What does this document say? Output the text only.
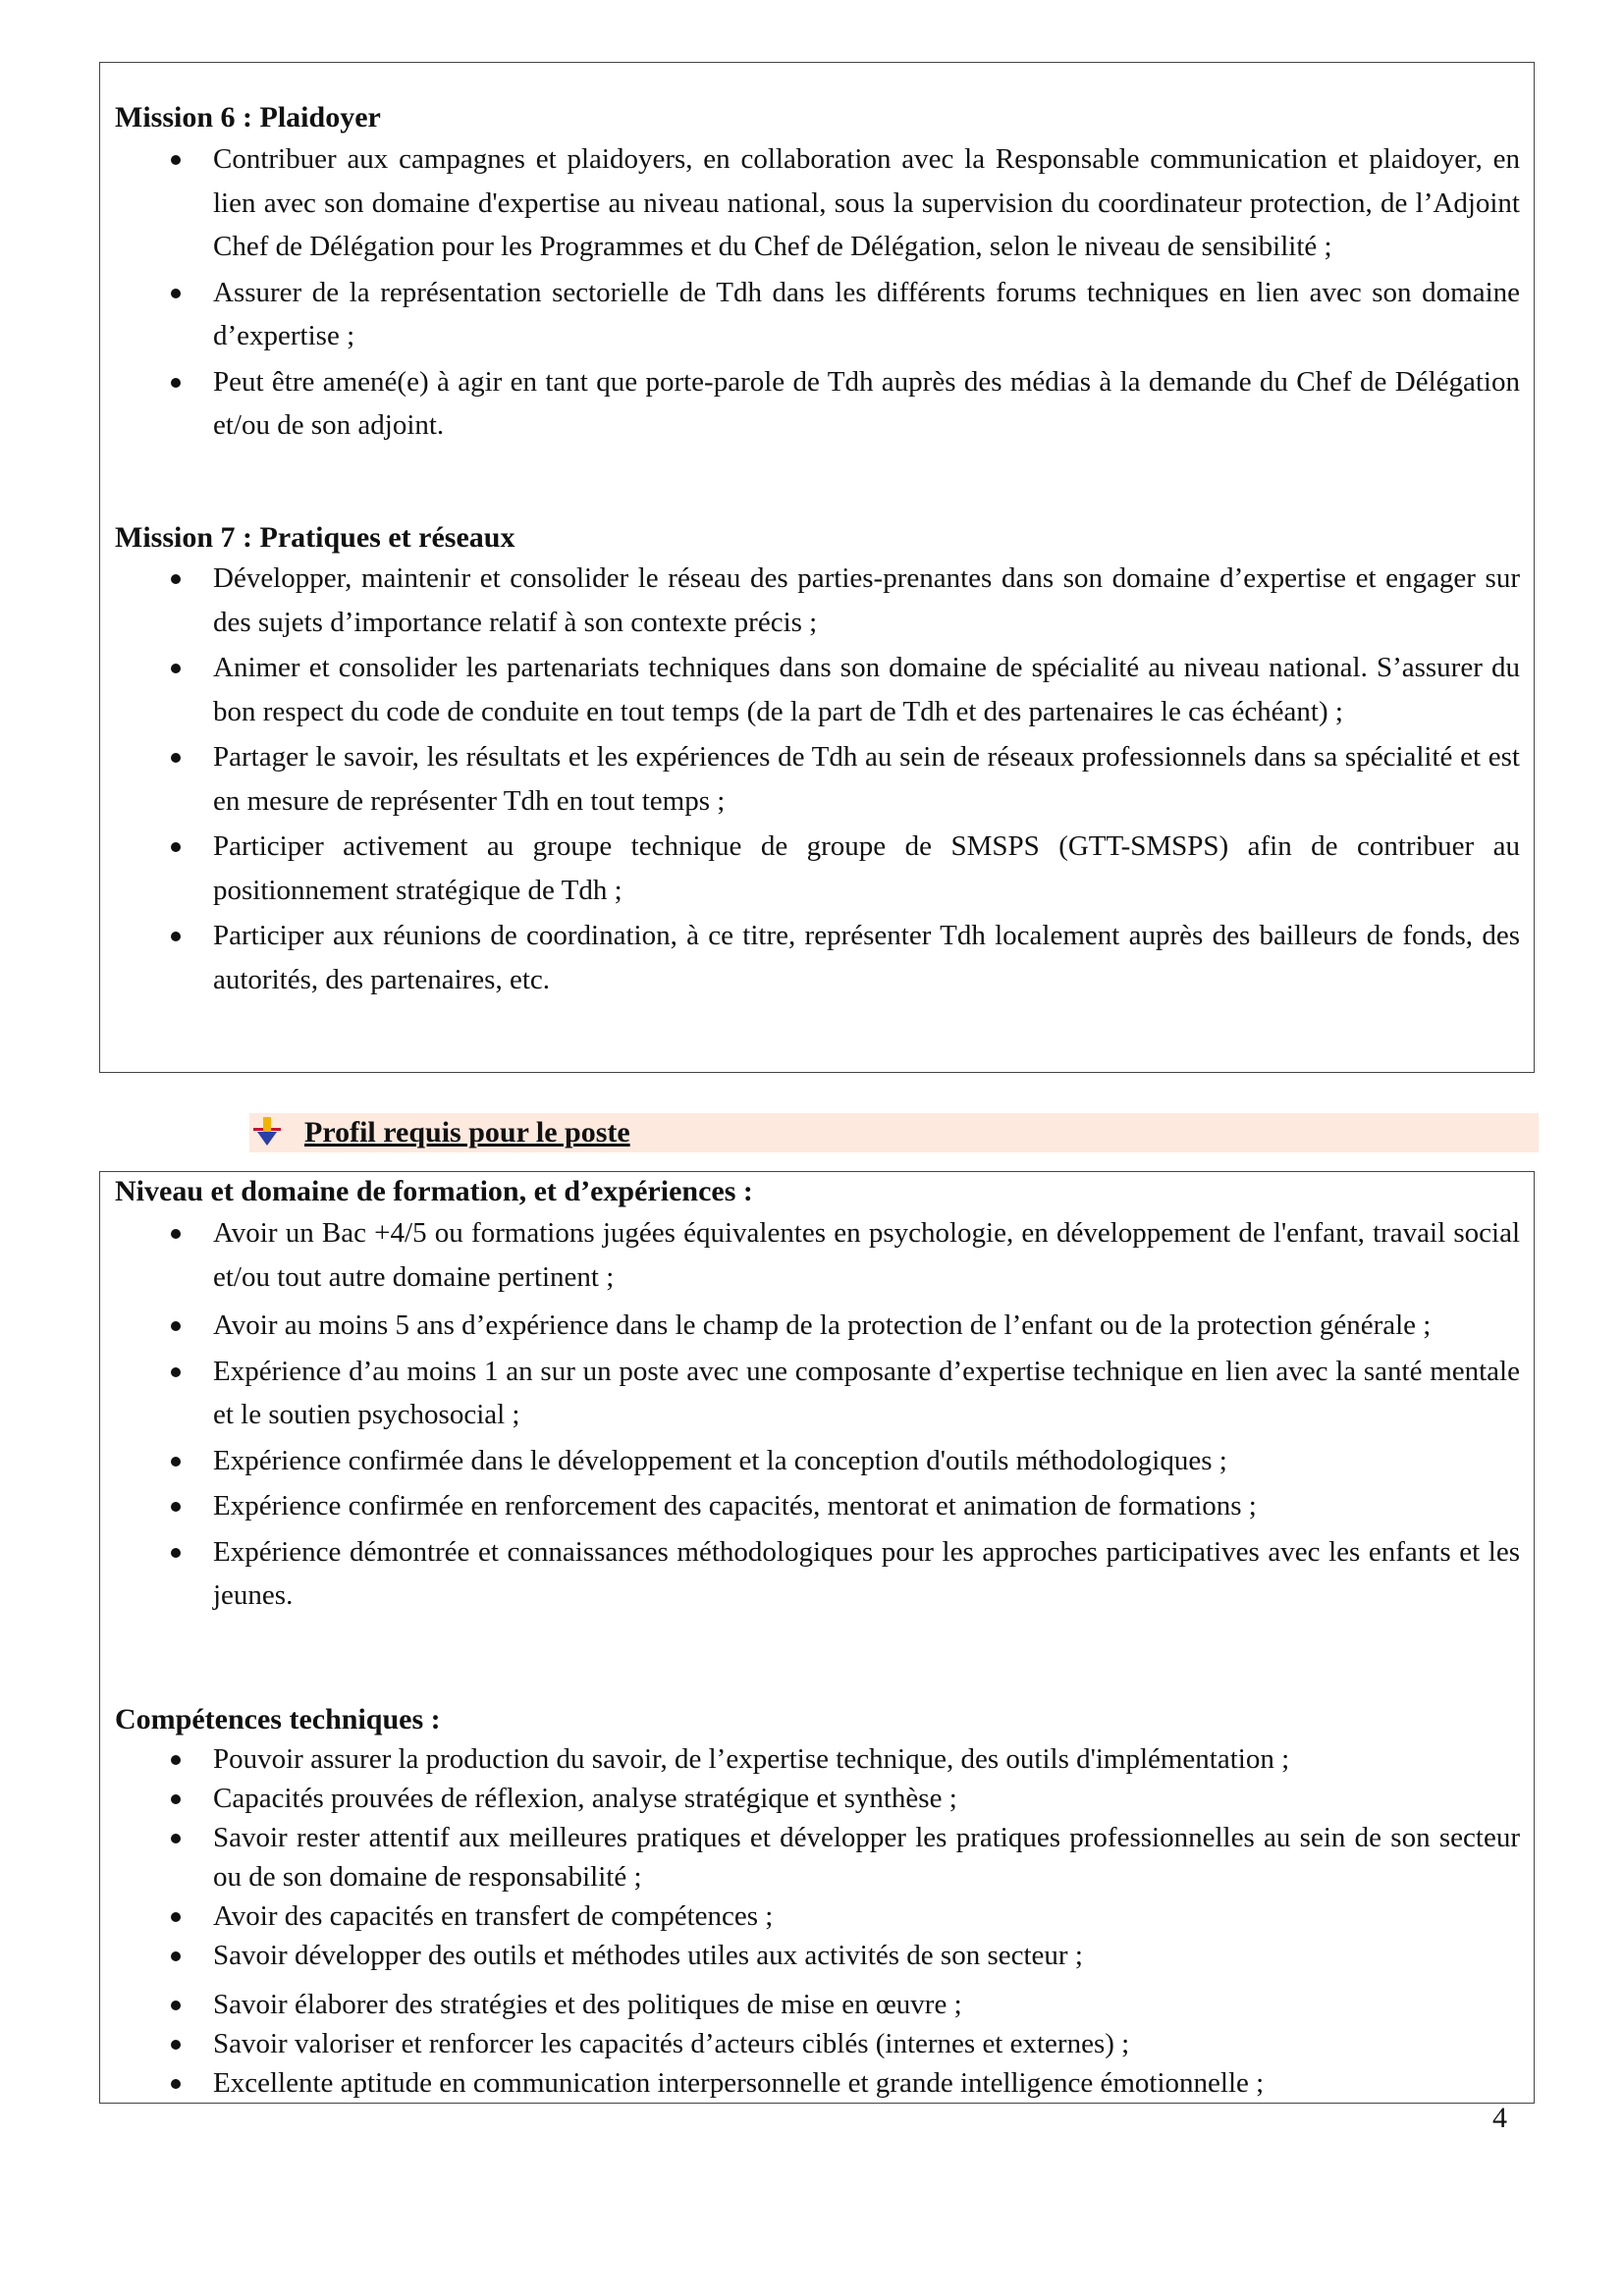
Mission 6 : Plaidoyer
Contribuer aux campagnes et plaidoyers, en collaboration avec la Responsable communication et plaidoyer, en lien avec son domaine d'expertise au niveau national, sous la supervision du coordinateur protection, de l’Adjoint Chef de Délégation pour les Programmes et du Chef de Délégation, selon le niveau de sensibilité ;
Assurer de la représentation sectorielle de Tdh dans les différents forums techniques en lien avec son domaine d’expertise ;
Peut être amené(e) à agir en tant que porte-parole de Tdh auprès des médias à la demande du Chef de Délégation et/ou de son adjoint.
Mission 7 : Pratiques et réseaux
Développer, maintenir et consolider le réseau des parties-prenantes dans son domaine d’expertise et engager sur des sujets d’importance relatif à son contexte précis ;
Animer et consolider les partenariats techniques dans son domaine de spécialité au niveau national. S’assurer du bon respect du code de conduite en tout temps (de la part de Tdh et des partenaires le cas échéant) ;
Partager le savoir, les résultats et les expériences de Tdh au sein de réseaux professionnels dans sa spécialité et est en mesure de représenter Tdh en tout temps ;
Participer activement au groupe technique de groupe de SMSPS (GTT-SMSPS) afin de contribuer au positionnement stratégique de Tdh ;
Participer aux réunions de coordination, à ce titre, représenter Tdh localement auprès des bailleurs de fonds, des autorités, des partenaires, etc.
Profil requis pour le poste
Niveau et domaine de formation, et d’expériences :
Avoir un Bac +4/5 ou formations jugées équivalentes en psychologie, en développement de l'enfant, travail social et/ou tout autre domaine pertinent ;
Avoir au moins 5 ans d’expérience dans le champ de la protection de l’enfant ou de la protection générale ;
Expérience d’au moins 1 an sur un poste avec une composante d’expertise technique en lien avec la santé mentale et le soutien psychosocial ;
Expérience confirmée dans le développement et la conception d'outils méthodologiques ;
Expérience confirmée en renforcement des capacités, mentorat et animation de formations ;
Expérience démontrée et connaissances méthodologiques pour les approches participatives avec les enfants et les jeunes.
Compétences techniques :
Pouvoir assurer la production du savoir, de l’expertise technique, des outils d'implémentation ;
Capacités prouvées de réflexion, analyse stratégique et synthèse ;
Savoir rester attentif aux meilleures pratiques et développer les pratiques professionnelles au sein de son secteur ou de son domaine de responsabilité ;
Avoir des capacités en transfert de compétences ;
Savoir développer des outils et méthodes utiles aux activités de son secteur ;
Savoir élaborer des stratégies et des politiques de mise en œuvre ;
Savoir valoriser et renforcer les capacités d’acteurs ciblés (internes et externes) ;
Excellente aptitude en communication interpersonnelle et grande intelligence émotionnelle ;
4
